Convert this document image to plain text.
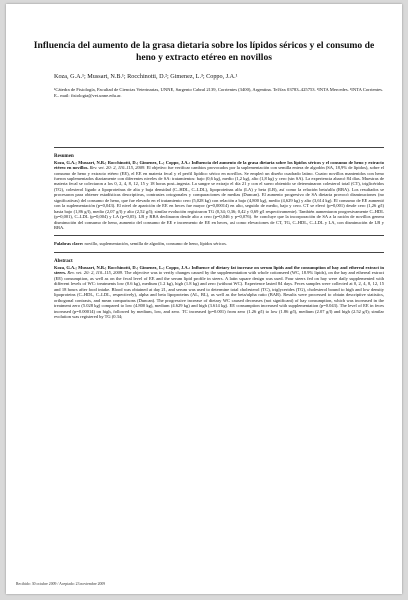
Influencia del aumento de la grasa dietaria sobre los lípidos séricos y el consumo de heno y extracto etéreo en novillos
Koza, G.A.¹; Mussart, N.B.¹; Rocchinotti, D.²; Gimenez, L.³; Coppo, J.A.¹
¹Cátedra de Fisiología, Facultad de Ciencias Veterinarias, UNNE, Sargento Cabral 2139, Corrientes (3400), Argentina. Tel/fax 03783–425753. ²INTA Mercedes. ³INTA Corrientes. E– mail: fisiologia@vet.unne.edu.ar.
Resumen
Koza, G.A.; Mussart, N.B.; Rocchinotti, D.; Gimenez, L.; Coppo, J.A.: Influencia del aumento de la grasa dietaria sobre los lípidos séricos y el consumo de heno y extracto etéreo en novillos. Rev. vet. 20: 2, 110–115, 2009. El objetivo fue verificar cambios provocados por la suplementación con semilla entera de algodón (SA, 18,9% de lípidos), sobre el consumo de heno y extracto etéreo (EE), el EE en materia fecal y el perfil lipídico sérico en novillos. Se empleó un diseño cuadrado latino. Cuatro novillos mantenidos con heno fueron suplementados diariamente con diferentes niveles de SA: tratamientos: bajo (0,6 kg), medio (1,2 kg), alto (1,8 kg) y cero (sin SA). La experiencia abarcó 84 días. Muestras de materia fecal se colectaron a los 0, 2, 4, 8, 12, 15 y 18 horas post–ingesta. La sangre se extrajo el día 21 y con el suero obtenido se determinaron colesterol total (CT), triglicéridos (TG), colesterol ligado a lipoproteínas de alta y baja densidad (C–HDL, C–LDL), lipoproteínas alfa (LA) y beta (LB), así como la relación beta/alfa (RBA). Los resultados se procesaron para obtener estadísticas descriptivas, contrastes ortogonales y comparaciones de medias (Duncan). El aumento progresivo de SA dietaria provocó disminuciones (no significativas) del consumo de heno, que fue elevado en el tratamiento cero (5,028 kg) con relación a bajo (4,800 kg), medio (4,629 kg) y alto (3,614 kg). El consumo de EE aumentó con la suplementación (p=0,043). El nivel de aparición de EE en heces fue mayor (p=0,00014) en alto, seguido de medio, bajo y cero. CT se elevó (p=0,001) desde cero (1,26 g/l) hasta bajo (1,86 g/l), medio (2,07 g/l) y alto (2,52 g/l); similar evolución registraron TG (0,34; 0,36; 0,42 y 0,69 g/l respectivamente). También aumentaron progresivamente C–HDL (p=0,001), C–LDL (p=0,004) y LA (p=0,05). LB y RBA declinaron desde alto a cero (p=0,046 y p=0,076). Se concluye que la incorporación de SA a la ración de novillos genera disminución del consumo de heno, aumento del consumo de EE e incremento de EE en heces, así como elevaciones de CT, TG, C–HDL, C–LDL y LA, con disminución de LB y RBA.
Palabras clave: novillo, suplementación, semilla de algodón, consumo de heno, lípidos séricos.
Abstract
Koza, G.A.; Mussart, N.B.; Rocchinotti, D.; Gimenez, L.; Coppo, J.A.: Influence of dietary fat increase on serum lipids and the consumption of hay and ethereal extract in steers. Rev. vet. 20: 2, 110–115, 2009. The objective was to verify changes caused by the supplementation with whole cottonseed (WC, 18.9% lipids), on the hay and ethereal extract (EE) consumption, as well as on the fecal level of EE and the serum lipid profile in steers. A latin square design was used. Four steers fed on hay were daily supplemented with different levels of WC: treatments low (0.6 kg), medium (1.2 kg), high (1.8 kg) and zero (without WC). Experience lasted 84 days. Feces samples were collected at 0, 2, 4, 8, 12, 15 and 18 hours after food intake. Blood was obtained at day 21, and serum was used to determine total cholesterol (TC), triglycerides (TG), cholesterol bound to high and low density lipoproteins (C–HDL, C–LDL, respectively), alpha and beta lipoproteins (AL, BL), as well as the beta/alpha ratio (BAR). Results were processed to obtain descriptive statistics, orthogonal contrasts, and mean comparisons (Duncan). The progressive increase of dietary WC caused decreases (not significant) of hay consumption, which was increased in the treatment zero (5.028 kg) compared to low (4.800 kg), medium (4.629 kg) and high (3.614 kg). EE consumption increased with supplementation (p=0.043). The level of EE in feces increased (p=0.00014) on high, followed by medium, low, and zero. TC increased (p=0.001) from zero (1.26 g/l) to low (1.86 g/l), medium (2.07 g/l) and high (2.52 g/l); similar evolution was registered by TG (0.34;
Recibido: 30 octubre 2009 / Aceptado: 23 noviembre 2009
